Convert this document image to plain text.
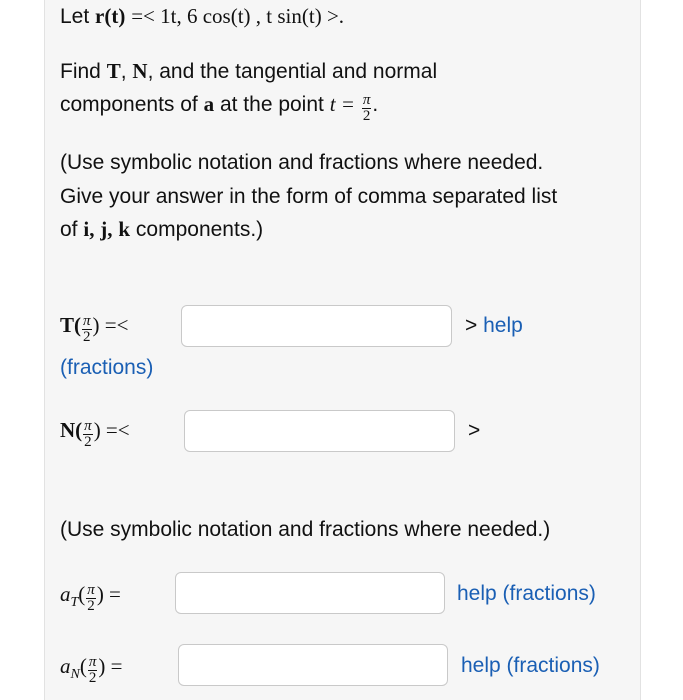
Let r(t) =< 1t, 6 cos(t) , t sin(t) >.
Find T, N, and the tangential and normal
components of a at the point $t = \frac{\pi}{2}$ .
(Use symbolic notation and fractions where needed.
Give your answer in the form of comma separated list
of i, j, k components.)
$T( \frac{\pi}{2}$ ) =<	> help
(fractions)
$N( \frac{\pi}{2}$ ) =<	>
(Use symbolic notation and fractions where needed.)
$a_T( \frac{\pi}{2}$ ) =	help (fractions)
$a_N( \frac{\pi}{2}$ ) =	help (fractions)
